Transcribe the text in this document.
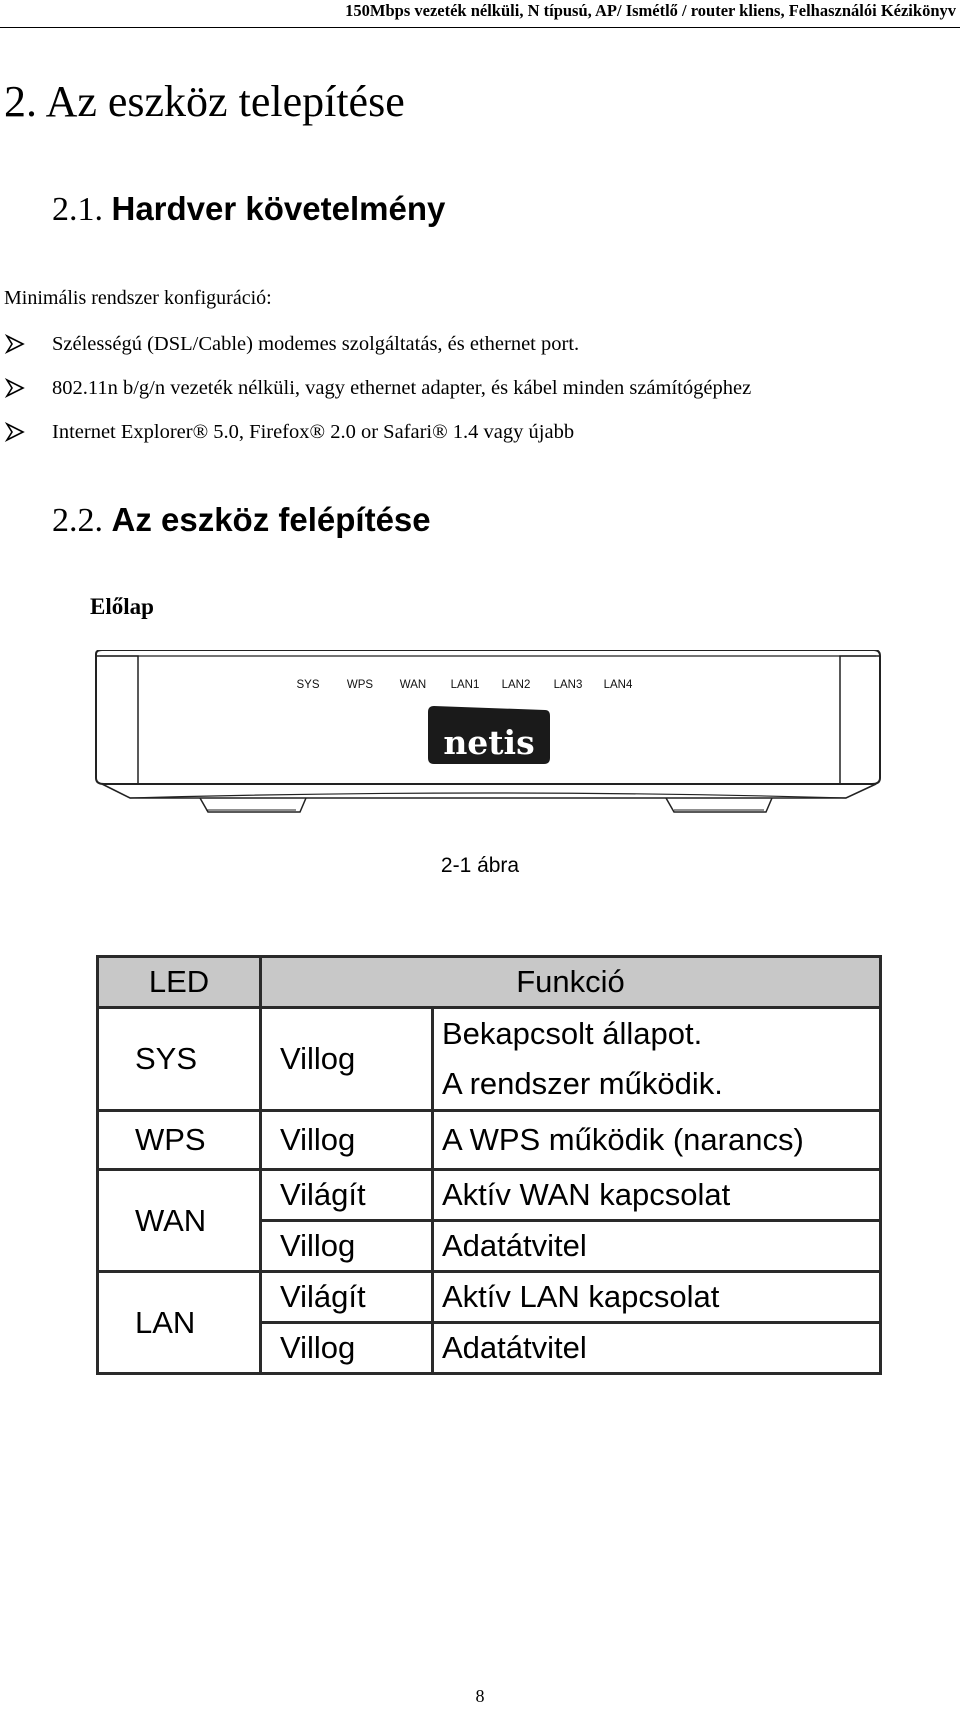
150Mbps vezeték nélküli, N típusú, AP/ Ismétlő / router kliens, Felhasználói Kézikönyv
2. Az eszköz telepítése
2.1. Hardver követelmény
Minimális rendszer konfiguráció:
Szélességú (DSL/Cable) modemes szolgáltatás, és ethernet port.
802.11n b/g/n vezeték nélküli, vagy ethernet adapter, és kábel minden számítógéphez
Internet Explorer® 5.0, Firefox® 2.0 or Safari® 1.4 vagy újabb
2.2. Az eszköz felépítése
Előlap
SYS WPS WAN LAN1 LAN2 LAN3 LAN4
netis
2-1 ábra
LED	Funkció	
SYS	Villog	Bekapcsolt állapot.
A rendszer működik.

WPS	Villog	A WPS működik (narancs)
WAN	Világít	Aktív WAN kapcsolat
	Villog	Adatátvitel
LAN	Világít	Aktív LAN kapcsolat
	Villog	Adatátvitel
8
